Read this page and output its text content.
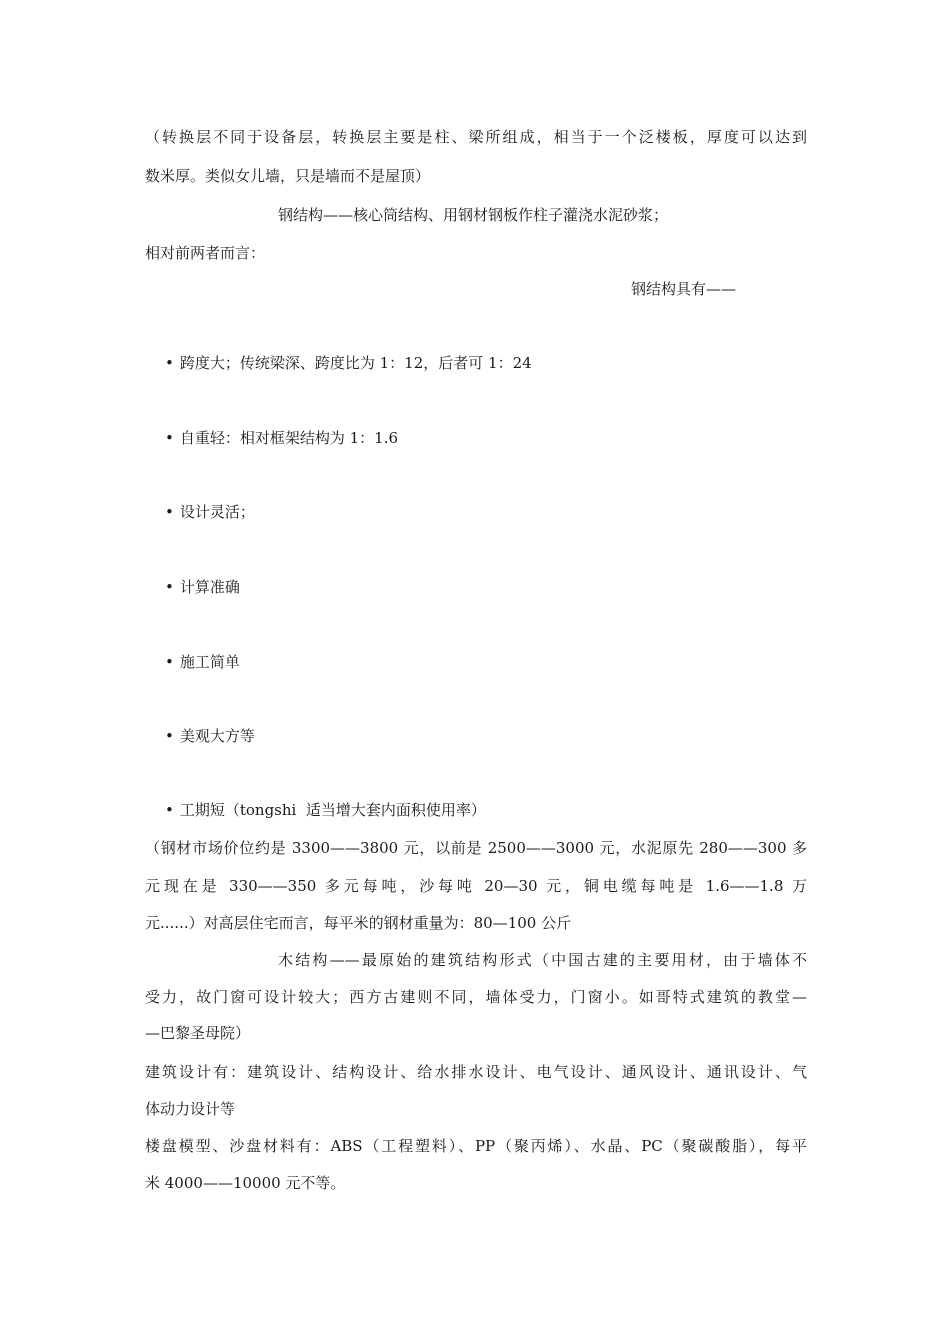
（转换层不同于设备层，转换层主要是柱、梁所组成，相当于一个泛楼板，厚度可以达到
数米厚。类似女儿墙，只是墙而不是屋顶）
钢结构——核心筒结构、用钢材钢板作柱子灌浇水泥砂浆；
相对前两者而言：
钢结构具有——
• 跨度大；传统梁深、跨度比为 1：12，后者可 1：24
• 自重轻：相对框架结构为 1：1.6
• 设计灵活；
• 计算准确
• 施工简单
• 美观大方等
• 工期短（tongshi  适当增大套内面积使用率）
（钢材市场价位约是 3300——3800 元，以前是 2500——3000 元，水泥原先 280——300 多
元现在是 330——350 多元每吨，沙每吨 20—30 元，铜电缆每吨是 1.6——1.8 万
元......）对高层住宅而言，每平米的钢材重量为：80—100 公斤
木结构——最原始的建筑结构形式（中国古建的主要用材，由于墙体不
受力，故门窗可设计较大；西方古建则不同，墙体受力，门窗小。如哥特式建筑的教堂—
—巴黎圣母院）
建筑设计有：建筑设计、结构设计、给水排水设计、电气设计、通风设计、通讯设计、气
体动力设计等
楼盘模型、沙盘材料有：ABS（工程塑料）、PP（聚丙烯）、水晶、PC（聚碳酸脂），每平
米 4000——10000 元不等。
